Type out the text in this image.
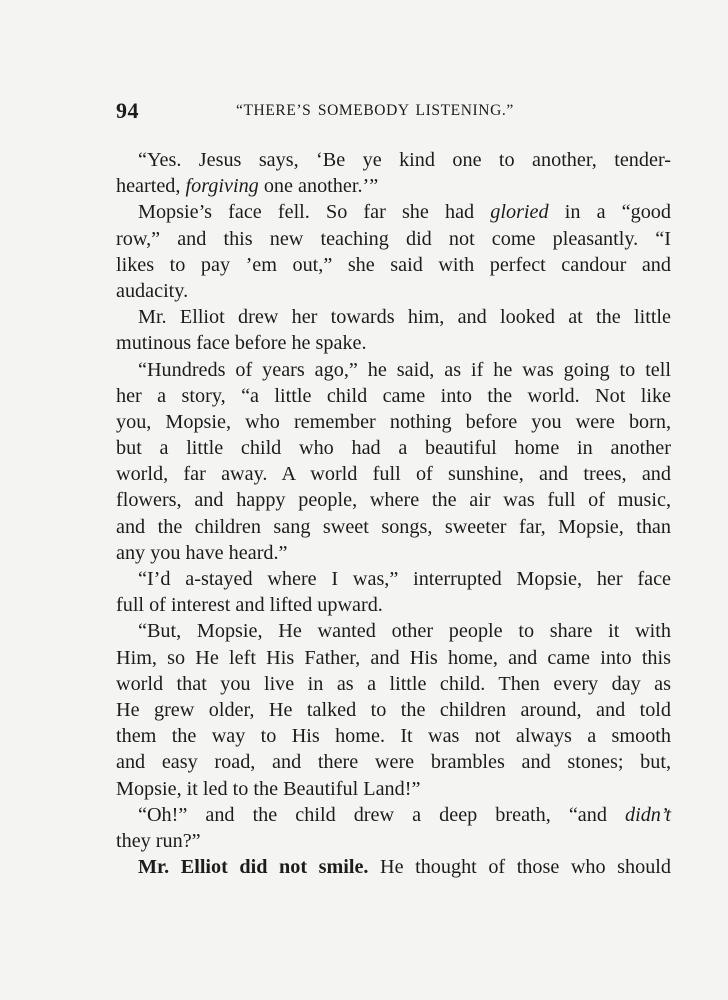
94	“THERE’S SOMEBODY LISTENING.”
“Yes. Jesus says, ‘Be ye kind one to another, tender-
hearted, forgiving one another.’”
Mopsie’s face fell. So far she had gloried in a “good
row,” and this new teaching did not come pleasantly. “I
likes to pay ’em out,” she said with perfect candour and
audacity.
Mr. Elliot drew her towards him, and looked at the little
mutinous face before he spake.
“Hundreds of years ago,” he said, as if he was going to tell
her a story, “a little child came into the world. Not like
you, Mopsie, who remember nothing before you were born,
but a little child who had a beautiful home in another
world, far away. A world full of sunshine, and trees, and
flowers, and happy people, where the air was full of music,
and the children sang sweet songs, sweeter far, Mopsie, than
any you have heard.”
“I’d a-stayed where I was,” interrupted Mopsie, her face
full of interest and lifted upward.
“But, Mopsie, He wanted other people to share it with
Him, so He left His Father, and His home, and came into this
world that you live in as a little child. Then every day as
He grew older, He talked to the children around, and told
them the way to His home. It was not always a smooth
and easy road, and there were brambles and stones; but,
Mopsie, it led to the Beautiful Land!”
“Oh!” and the child drew a deep breath, “and didn’t
they run?”
Mr. Elliot did not smile. He thought of those who should
